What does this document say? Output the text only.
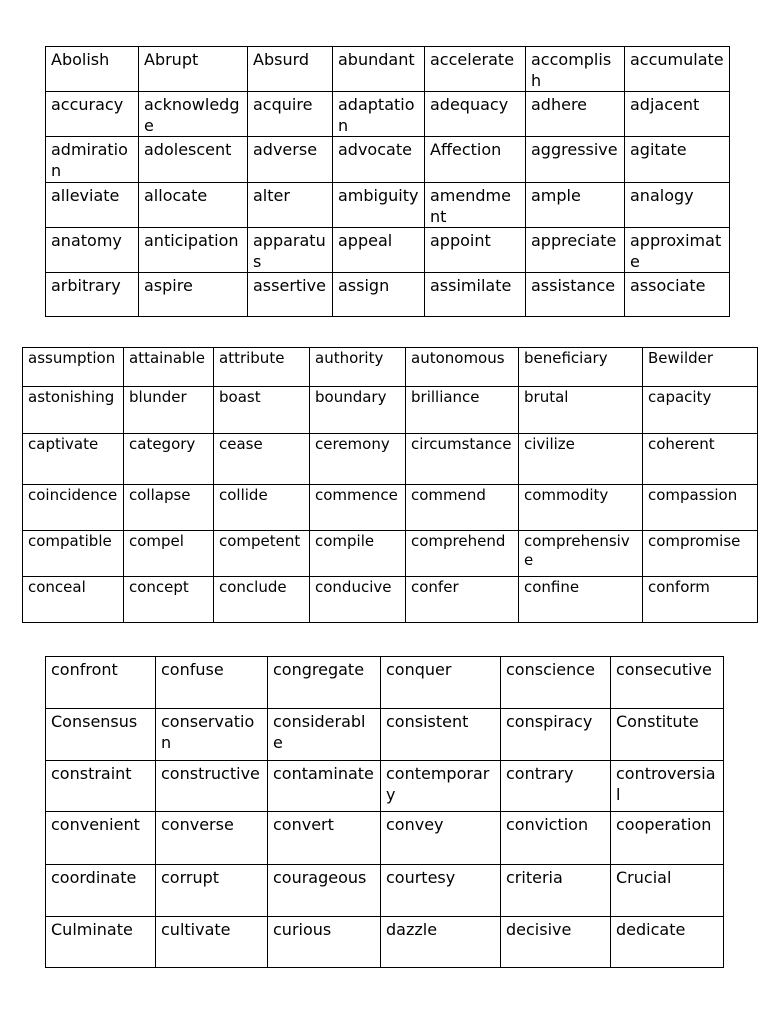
Abolish	Abrupt	Absurd	abundant	accelerate	accomplish	accumulate
accuracy	acknowledge	acquire	adaptation	adequacy	adhere	adjacent
admiration	adolescent	adverse	advocate	Affection	aggressive	agitate
alleviate	allocate	alter	ambiguity	amendment	ample	analogy
anatomy	anticipation	apparatus	appeal	appoint	appreciate	approximate
arbitrary	aspire	assertive	assign	assimilate	assistance	associate
assumption	attainable	attribute	authority	autonomous	beneficiary	Bewilder
astonishing	blunder	boast	boundary	brilliance	brutal	capacity
captivate	category	cease	ceremony	circumstance	civilize	coherent
coincidence	collapse	collide	commence	commend	commodity	compassion
compatible	compel	competent	compile	comprehend	comprehensive	compromise
conceal	concept	conclude	conducive	confer	confine	conform
confront	confuse	congregate	conquer	conscience	consecutive
Consensus	conservation	considerable	consistent	conspiracy	Constitute
constraint	constructive	contaminate	contemporary	contrary	controversial
convenient	converse	convert	convey	conviction	cooperation
coordinate	corrupt	courageous	courtesy	criteria	Crucial
Culminate	cultivate	curious	dazzle	decisive	dedicate
